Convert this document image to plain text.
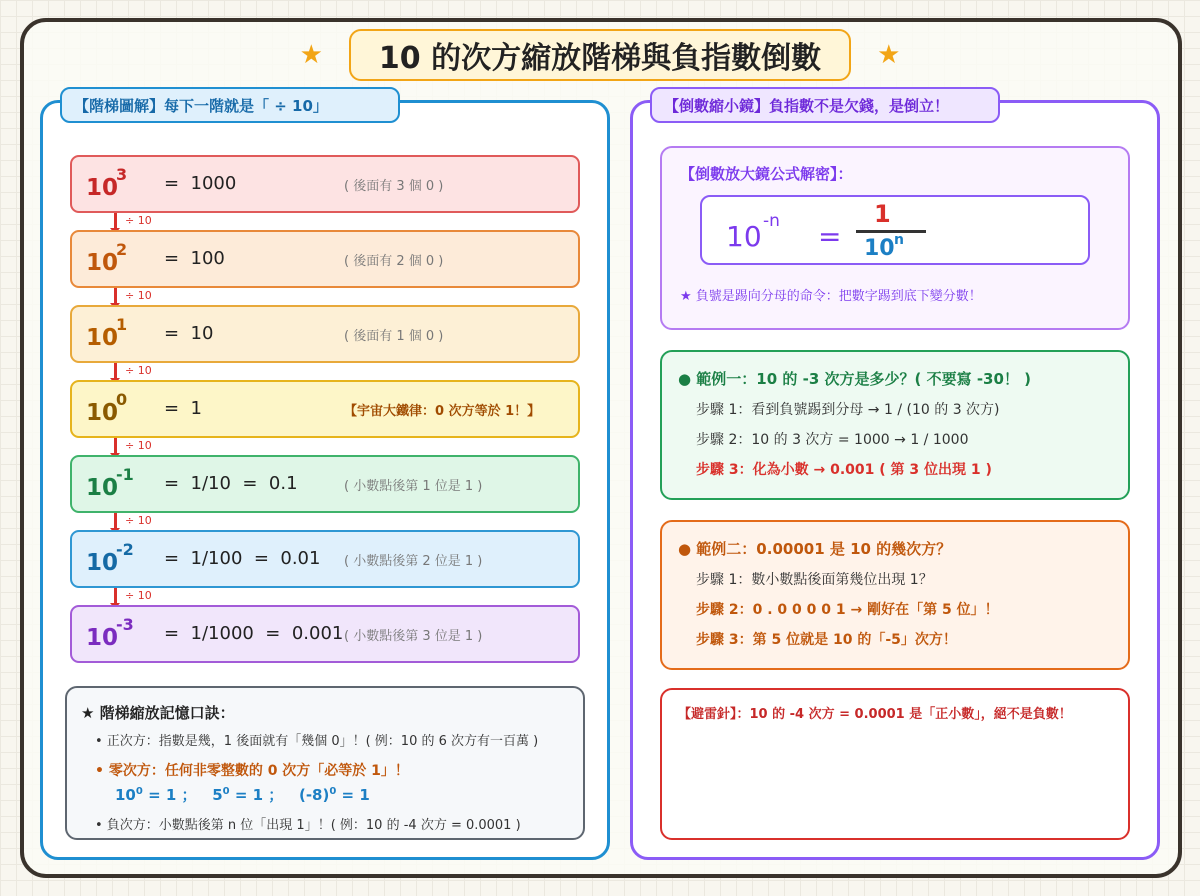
★	10 的次方縮放階梯與負指數倒數	★
【階梯圖解】每下一階就是「 ÷ 10」
10
3 =  1000	( 後面有 3 個 0 )
÷ 10
10
2 =  100	( 後面有 2 個 0 )
÷ 10
10
1 =  10	( 後面有 1 個 0 )
÷ 10
10
0 =  1	【宇宙大鐵律：0 次方等於 1！】
÷ 10
10
-1 =  1/10  =  0.1	( 小數點後第 1 位是 1 )
÷ 10
10
-2 =  1/100  =  0.01 ( 小數點後第 2 位是 1 )
÷ 10
10
-3 =  1/1000  =  0.001 ( 小數點後第 3 位是 1 )
★ 階梯縮放記憶口訣：
• 正次方：指數是幾，1 後面就有「幾個 0」！( 例：10 的 6 次方有一百萬 )
• 零次方：任何非零整數的 0 次方「必等於 1」！
$10^0 = 1$ ； $5^0 = 1$ ； $(-8)^0 = 1$
• 負次方：小數點後第 n 位「出現 1」！( 例：10 的 -4 次方 = 0.0001 )
【倒數縮小鏡】負指數不是欠錢，是倒立！
【倒數放大鏡公式解密】：
10 -n =
1
10 n
★ 負號是踢向分母的命令：把數字踢到底下變分數！
● 範例一：10 的 -3 次方是多少？( 不要寫 -30！ )
步驟 1：看到負號踢到分母 → 1 / (10 的 3 次方)
步驟 2：10 的 3 次方 = 1000 → 1 / 1000
步驟 3：化為小數 → 0.001 ( 第 3 位出現 1 )
● 範例二：0.00001 是 10 的幾次方？
步驟 1：數小數點後面第幾位出現 1？
步驟 2：0 . 0 0 0 0 1 → 剛好在「第 5 位」！
步驟 3：第 5 位就是 10 的「-5」次方！
【避雷針】：10 的 -4 次方 = 0.0001 是「正小數」，絕不是負數！
